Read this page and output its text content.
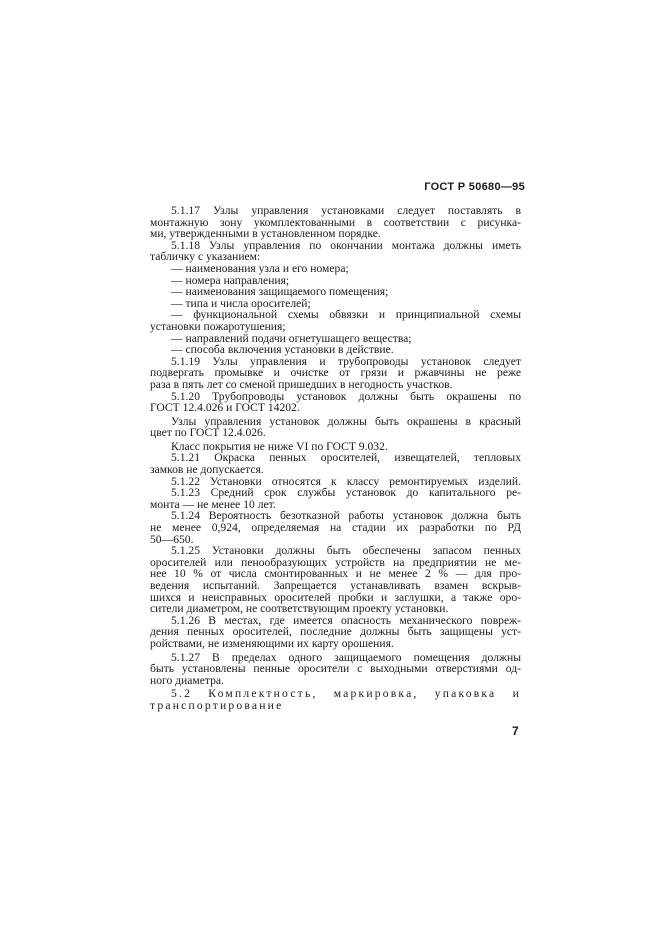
ГОСТ Р 50680—95
5.1.17 Узлы управления установками следует поставлять в
монтажную зону укомплектованными в соответствии с рисунка-
ми, утвержденными в установленном порядке.
5.1.18 Узлы управления по окончании монтажа должны иметь
табличку с указанием:
— наименования узла и его номера;
— номера направления;
— наименования защищаемого помещения;
— типа и числа оросителей;
— функциональной схемы обвязки и принципиальной схемы
установки пожаротушения;
— направлений подачи огнетушащего вещества;
— способа включения установки в действие.
5.1.19 Узлы управления и трубопроводы установок следует
подвергать промывке и очистке от грязи и ржавчины не реже
раза в пять лет со сменой пришедших в негодность участков.
5.1.20 Трубопроводы установок должны быть окрашены по
ГОСТ 12.4.026 и ГОСТ 14202.
Узлы управления установок должны быть окрашены в красный
цвет по ГОСТ 12.4.026.
Класс покрытия не ниже VI по ГОСТ 9.032.
5.1.21 Окраска пенных оросителей, извещателей, тепловых
замков не допускается.
5.1.22 Установки относятся к классу ремонтируемых изделий.
5.1.23 Средний срок службы установок до капитального ре-
монта — не менее 10 лет.
5.1.24 Вероятность безотказной работы установок должна быть
не менее 0,924, определяемая на стадии их разработки по РД
50—650.
5.1.25 Установки должны быть обеспечены запасом пенных
оросителей или пенообразующих устройств на предприятии не ме-
нее 10 % от числа смонтированных и не менее 2 % — для про-
ведения испытаний. Запрещается устанавливать взамен вскрыв-
шихся и неисправных оросителей пробки и заглушки, а также оро-
сители диаметром, не соответствующим проекту установки.
5.1.26 В местах, где имеется опасность механического повреж-
дения пенных оросителей, последние должны быть защищены уст-
ройствами, не изменяющими их карту орошения.
5.1.27 В пределах одного защищаемого помещения должны
быть установлены пенные оросители с выходными отверстиями од-
ного диаметра.
5.2 Комплектность, маркировка, упаковка и
транспортирование
7
